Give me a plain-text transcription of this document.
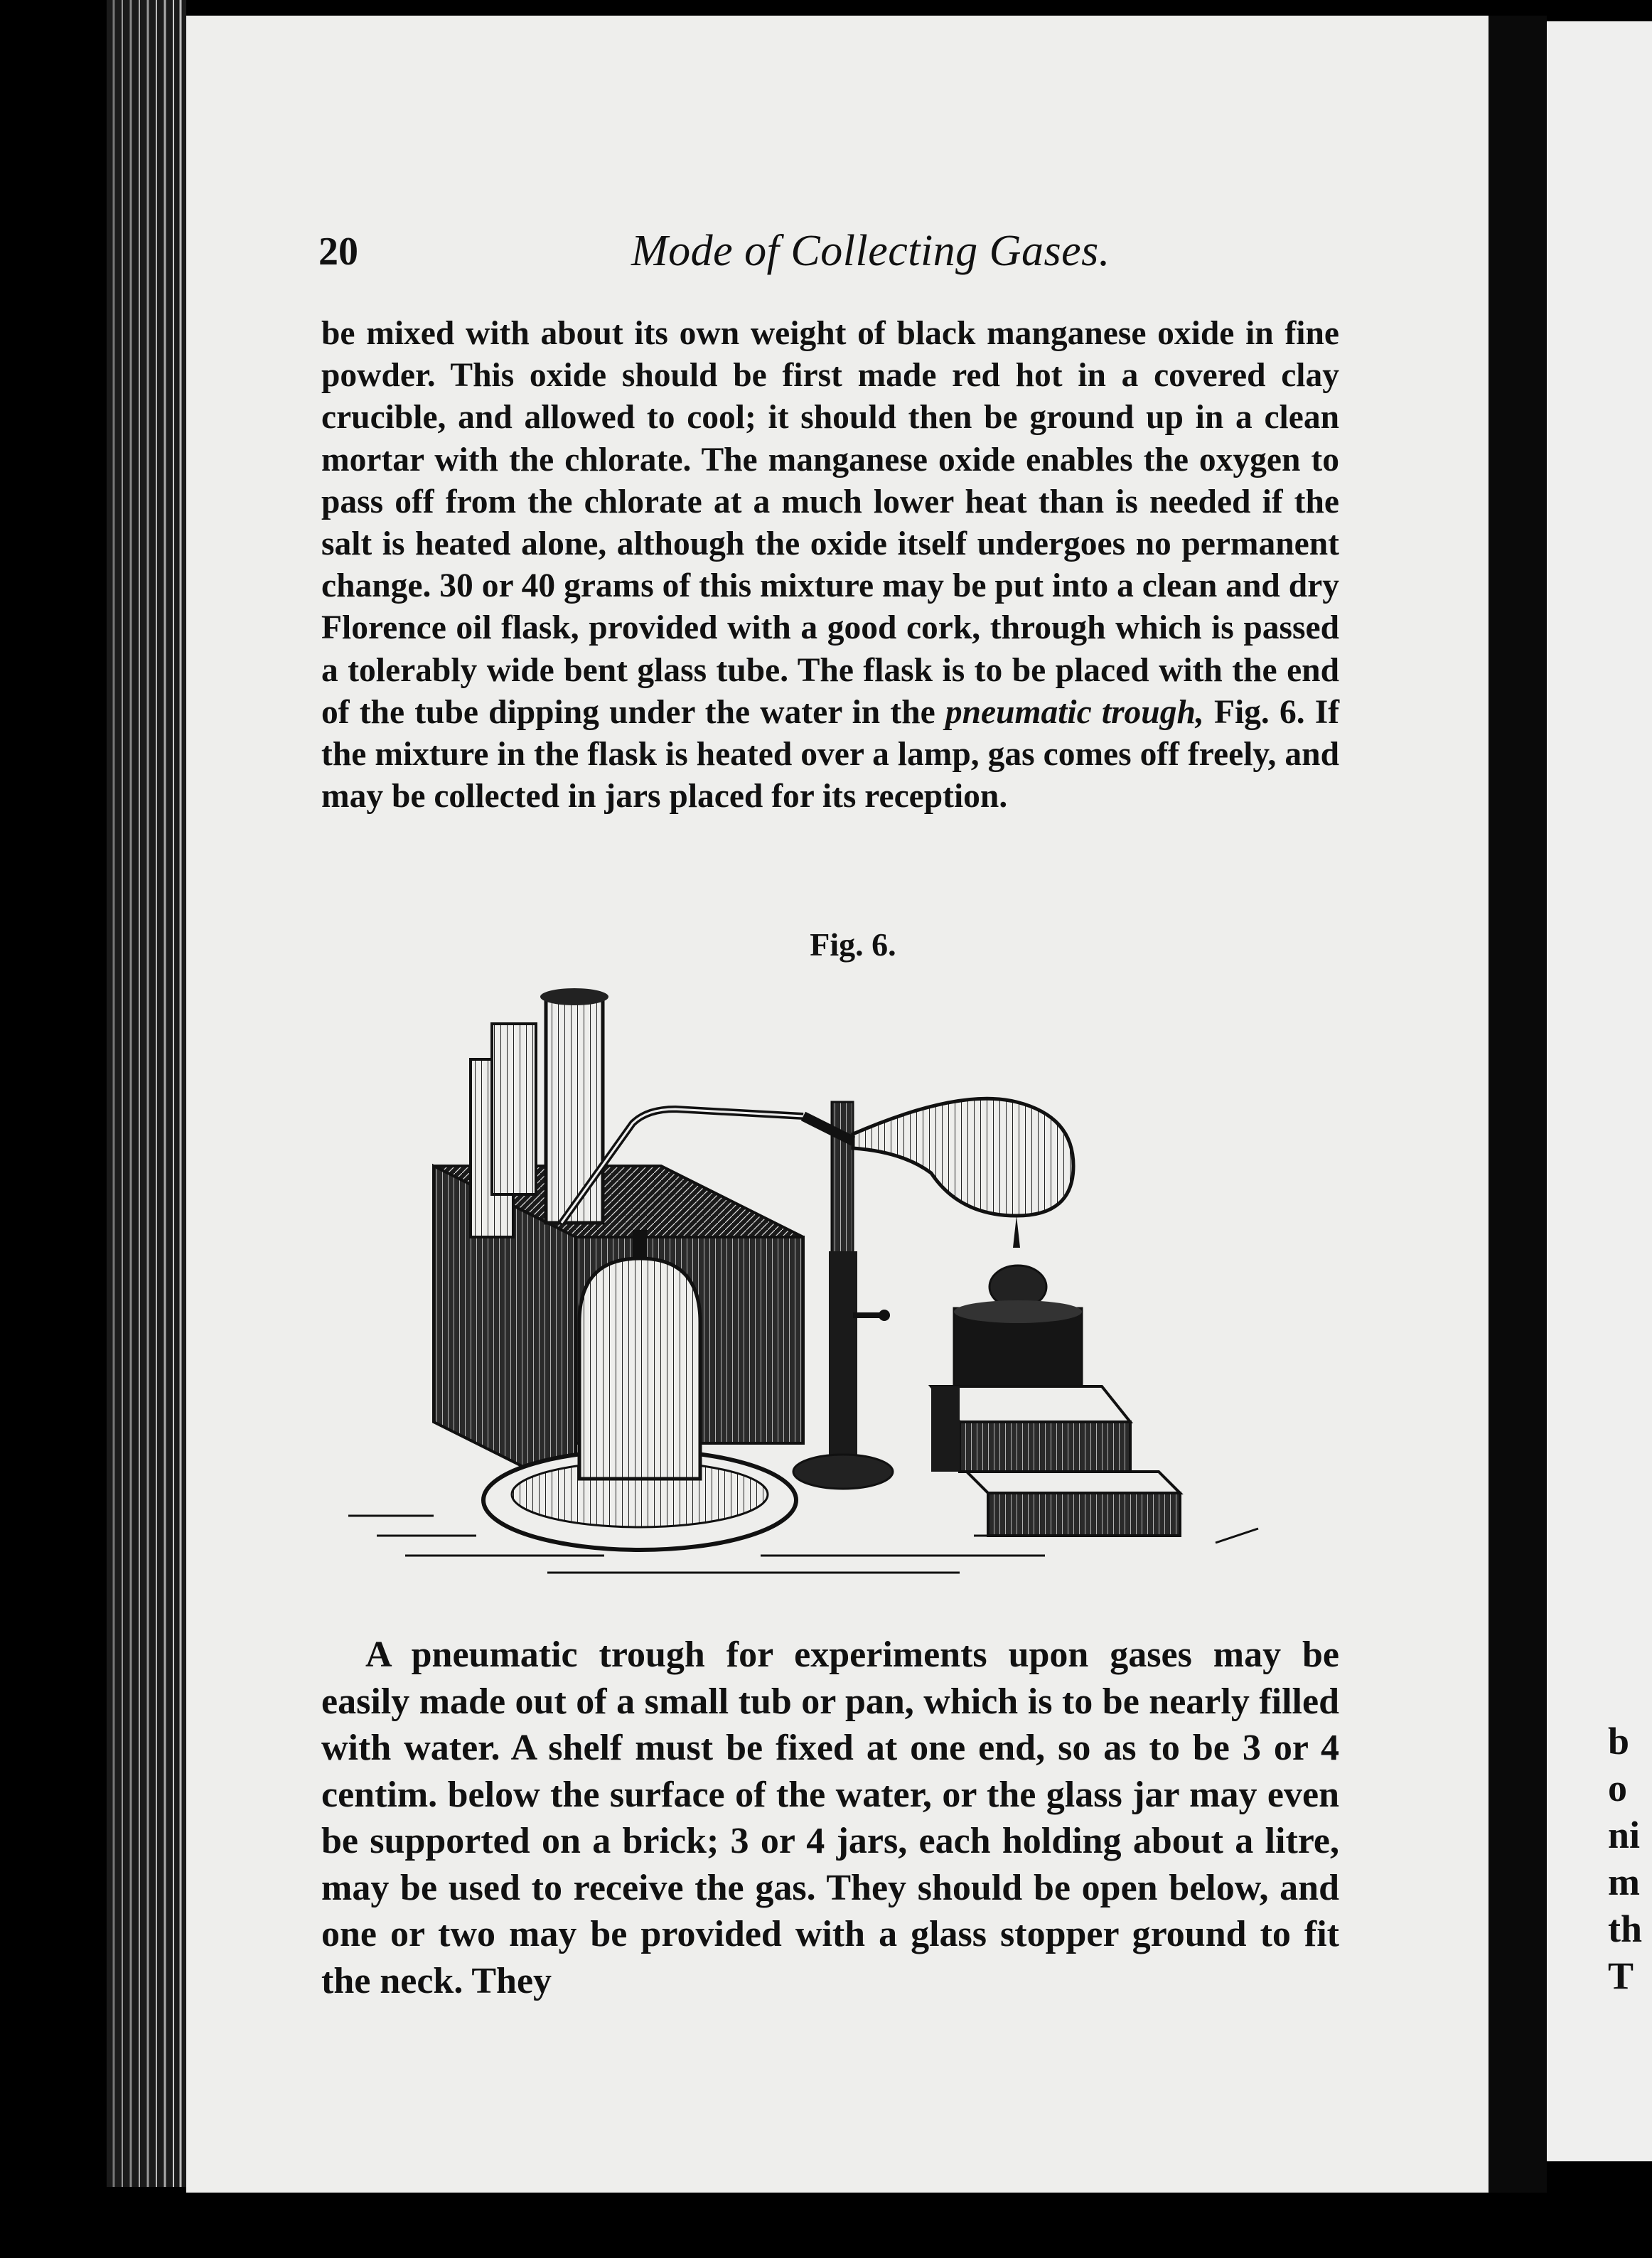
20	Mode of Collecting Gases.

be mixed with about its own weight of black manganese oxide in fine powder. This oxide should be first made red hot in a covered clay crucible, and allowed to cool; it should then be ground up in a clean mortar with the chlorate. The manganese oxide enables the oxygen to pass off from the chlorate at a much lower heat than is needed if the salt is heated alone, although the oxide itself undergoes no permanent change. 30 or 40 grams of this mixture may be put into a clean and dry Florence oil flask, provided with a good cork, through which is passed a tolerably wide bent glass tube. The flask is to be placed with the end of the tube dipping under the water in the pneumatic trough, Fig. 6. If the mixture in the flask is heated over a lamp, gas comes off freely, and may be collected in jars placed for its reception.

Fig. 6.

A pneumatic trough for experiments upon gases may be easily made out of a small tub or pan, which is to be nearly filled with water. A shelf must be fixed at one end, so as to be 3 or 4 centim. below the surface of the water, or the glass jar may even be supported on a brick; 3 or 4 jars, each holding about a litre, may be used to receive the gas. They should be open below, and one or two may be provided with a glass stopper ground to fit the neck. They

b
o
ni
m
th
T
